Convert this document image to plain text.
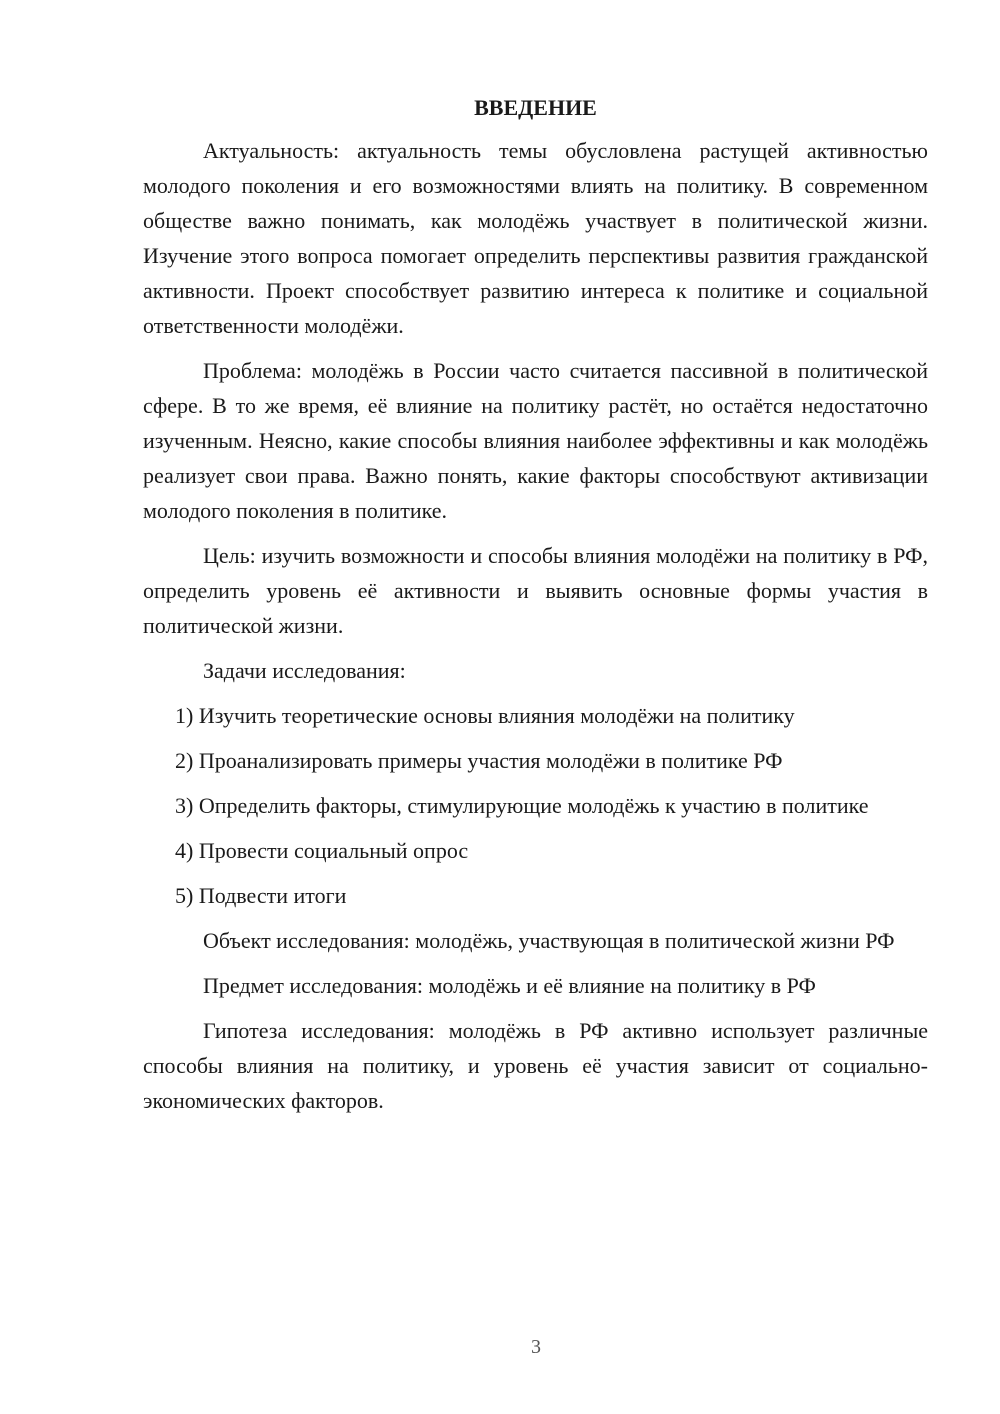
ВВЕДЕНИЕ

Актуальность: актуальность темы обусловлена растущей активностью молодого поколения и его возможностями влиять на политику. В современном обществе важно понимать, как молодёжь участвует в политической жизни. Изучение этого вопроса помогает определить перспективы развития гражданской активности. Проект способствует развитию интереса к политике и социальной ответственности молодёжи.

Проблема: молодёжь в России часто считается пассивной в политической сфере. В то же время, её влияние на политику растёт, но остаётся недостаточно изученным. Неясно, какие способы влияния наиболее эффективны и как молодёжь реализует свои права. Важно понять, какие факторы способствуют активизации молодого поколения в политике.

Цель: изучить возможности и способы влияния молодёжи на политику в РФ, определить уровень её активности и выявить основные формы участия в политической жизни.

Задачи исследования:

1) Изучить теоретические основы влияния молодёжи на политику

2) Проанализировать примеры участия молодёжи в политике РФ

3) Определить факторы, стимулирующие молодёжь к участию в политике

4) Провести социальный опрос

5) Подвести итоги

Объект исследования: молодёжь, участвующая в политической жизни РФ

Предмет исследования: молодёжь и её влияние на политику в РФ

Гипотеза исследования: молодёжь в РФ активно использует различные способы влияния на политику, и уровень её участия зависит от социально-экономических факторов.

3
